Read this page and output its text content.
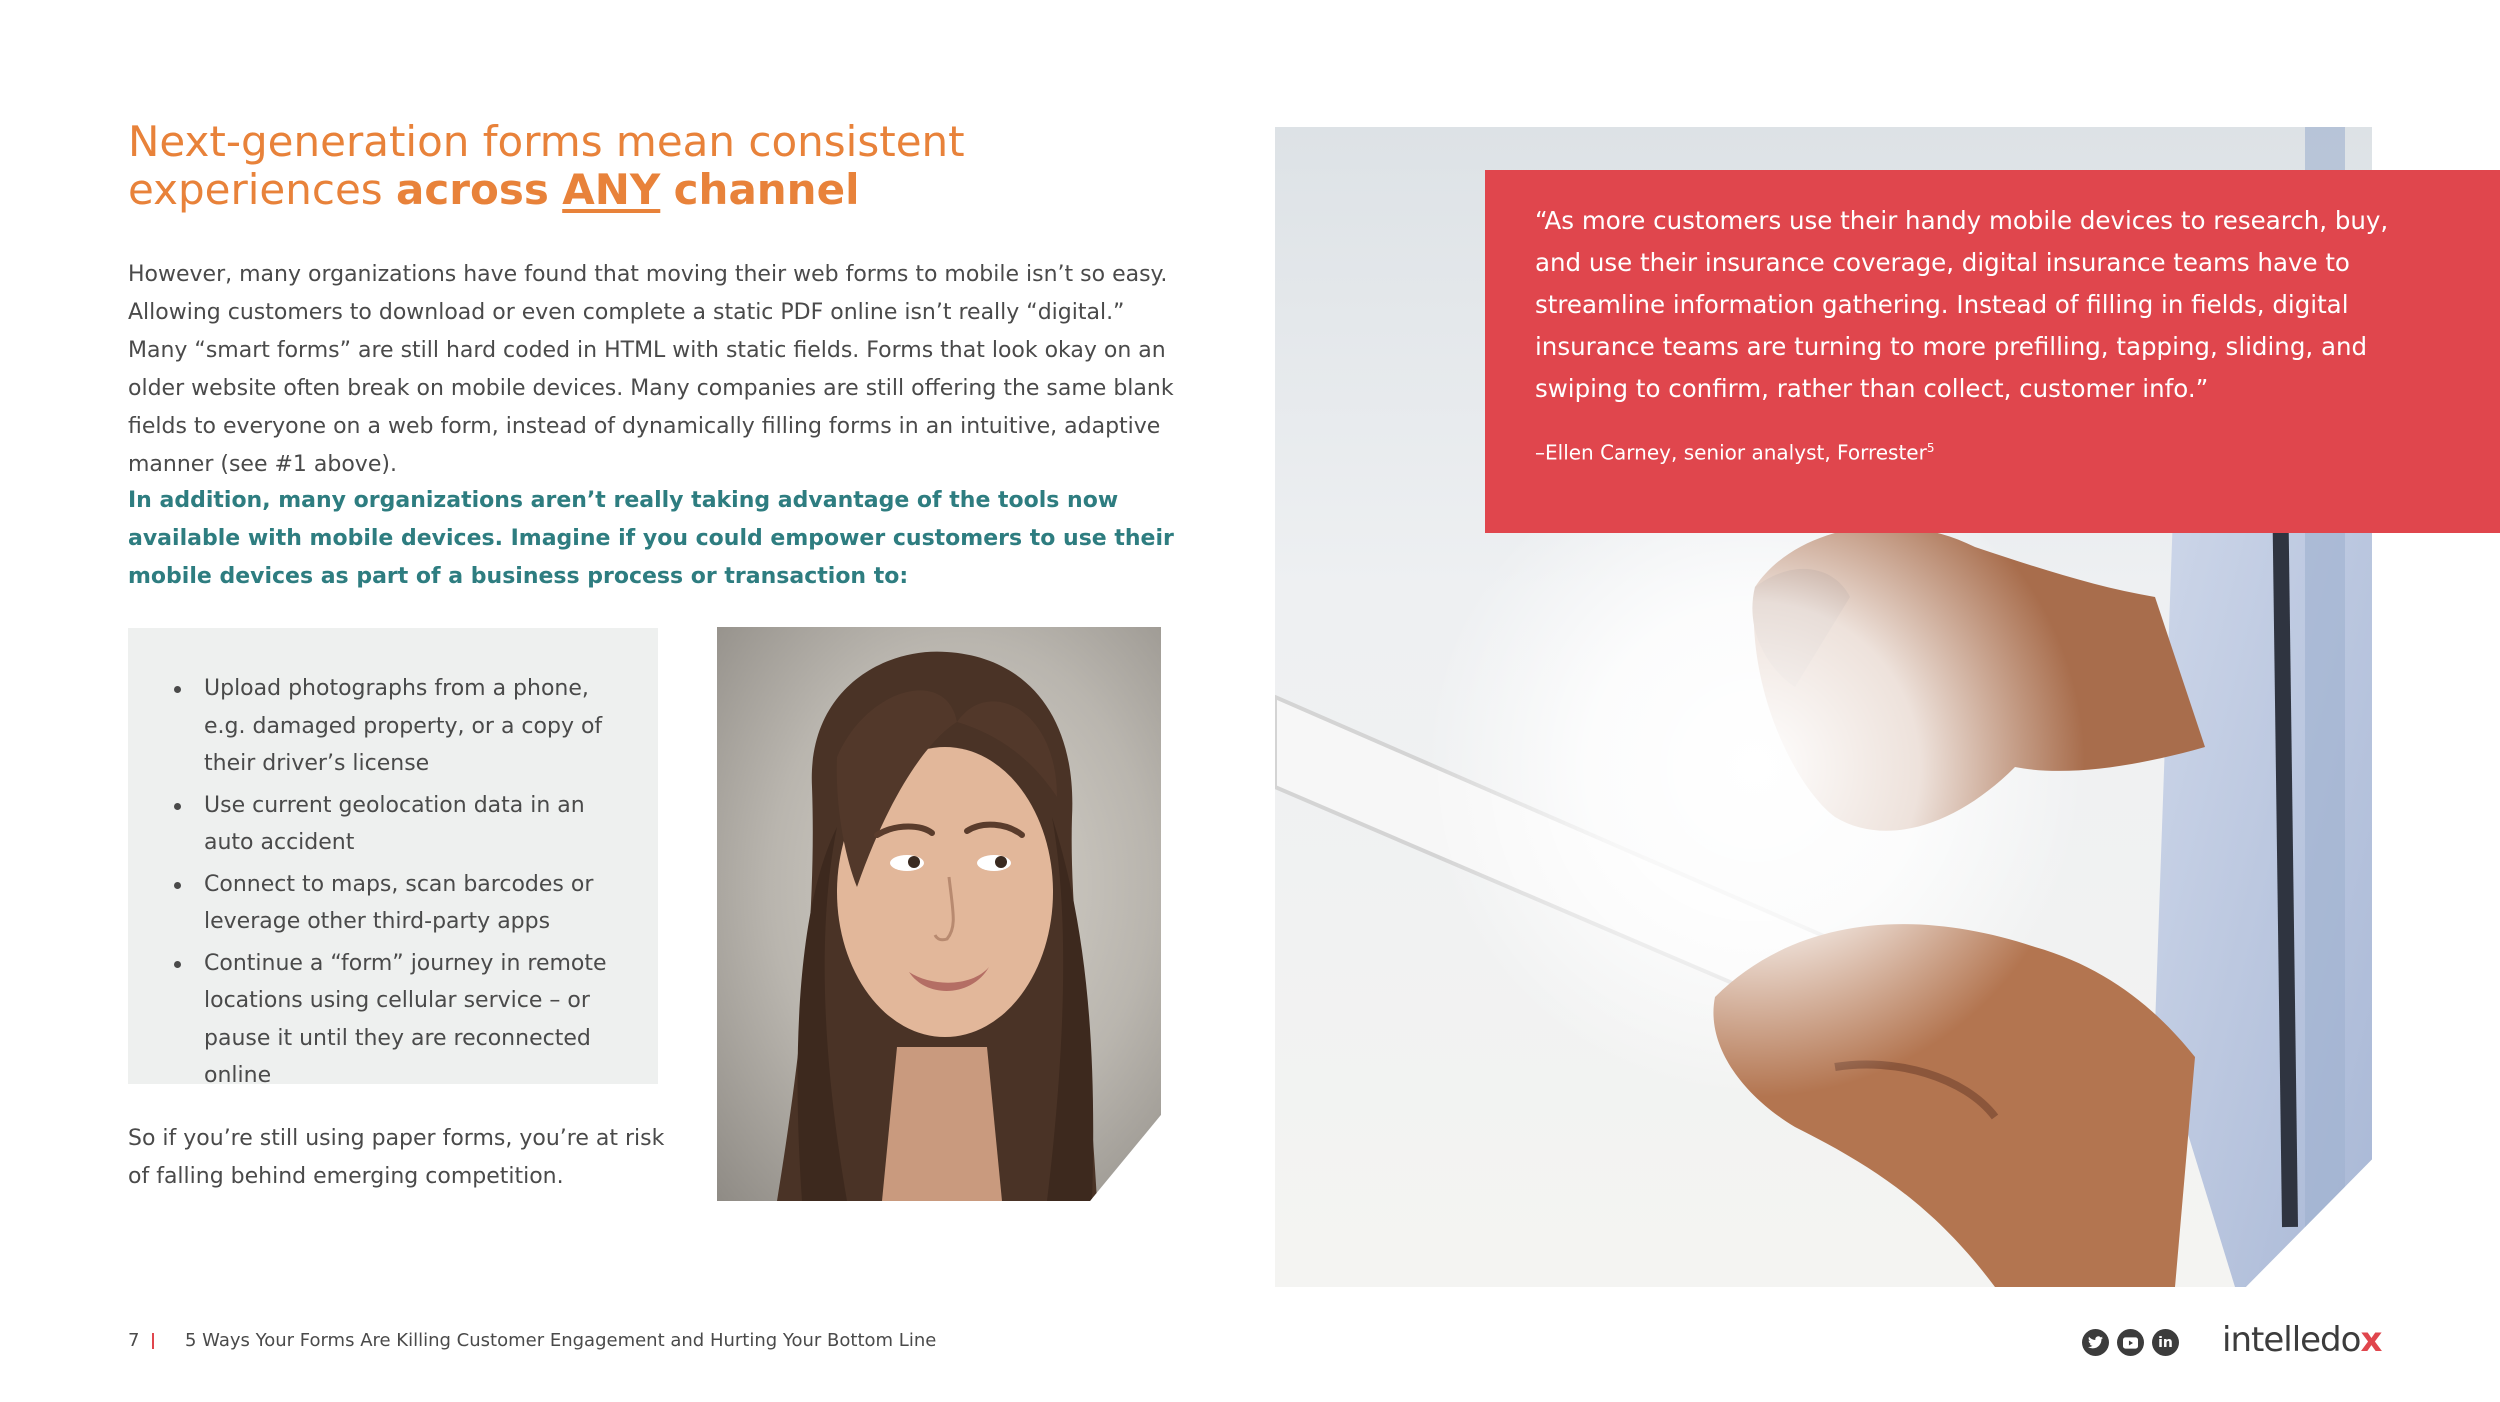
Next-generation forms mean consistent
experiences across ANY channel

However, many organizations have found that moving their web forms to mobile isn’t so easy. Allowing customers to download or even complete a static PDF online isn’t really “digital.” Many “smart forms” are still hard coded in HTML with static fields. Forms that look okay on an older website often break on mobile devices. Many companies are still offering the same blank fields to everyone on a web form, instead of dynamically filling forms in an intuitive, adaptive manner (see #1 above).

In addition, many organizations aren’t really taking advantage of the tools now available with mobile devices. Imagine if you could empower customers to use their mobile devices as part of a business process or transaction to:

Upload photographs from a phone, e.g. damaged property, or a copy of their driver’s license
Use current geolocation data in an auto accident
Connect to maps, scan barcodes or leverage other third-party apps
Continue a “form” journey in remote locations using cellular service – or pause it until they are reconnected online

So if you’re still using paper forms, you’re at risk of falling behind emerging competition.

“As more customers use their handy mobile devices to research, buy, and use their insurance coverage, digital insurance teams have to streamline information gathering. Instead of filling in fields, digital insurance teams are turning to more prefilling, tapping, sliding, and swiping to confirm, rather than collect, customer info.”

–Ellen Carney, senior analyst, Forrester$^5$

7	5 Ways Your Forms Are Killing Customer Engagement and Hurting Your Bottom Line	in intelledox
